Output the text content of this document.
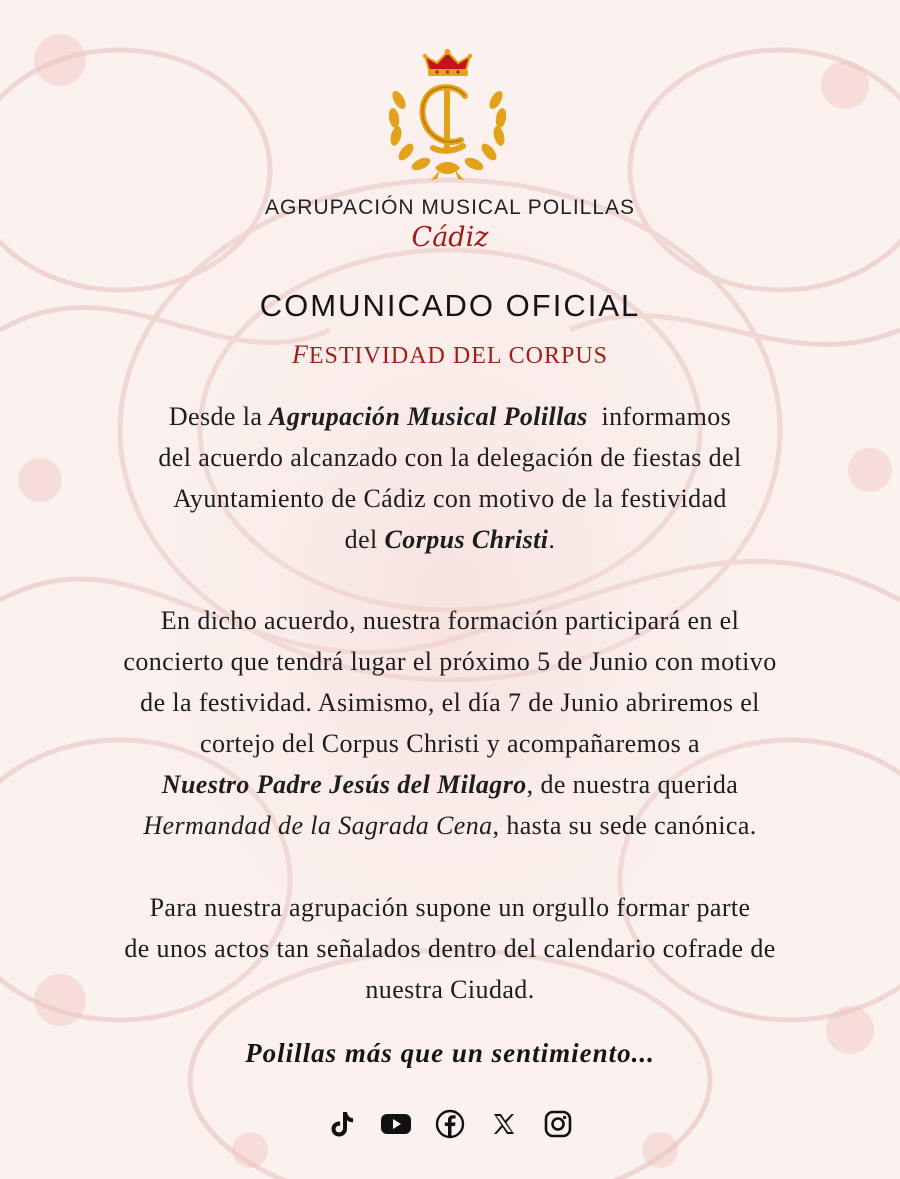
AGRUPACIÓN MUSICAL POLILLAS
Cádiz
COMUNICADO OFICIAL
FESTIVIDAD DEL CORPUS
Desde la Agrupación Musical Polillas  informamos
del acuerdo alcanzado con la delegación de fiestas del
Ayuntamiento de Cádiz con motivo de la festividad
del Corpus Christi.
En dicho acuerdo, nuestra formación participará en el
concierto que tendrá lugar el próximo 5 de Junio con motivo
de la festividad. Asimismo, el día 7 de Junio abriremos el
cortejo del Corpus Christi y acompañaremos a
Nuestro Padre Jesús del Milagro, de nuestra querida
Hermandad de la Sagrada Cena, hasta su sede canónica.
Para nuestra agrupación supone un orgullo formar parte
de unos actos tan señalados dentro del calendario cofrade de
nuestra Ciudad.
Polillas más que un sentimiento...
